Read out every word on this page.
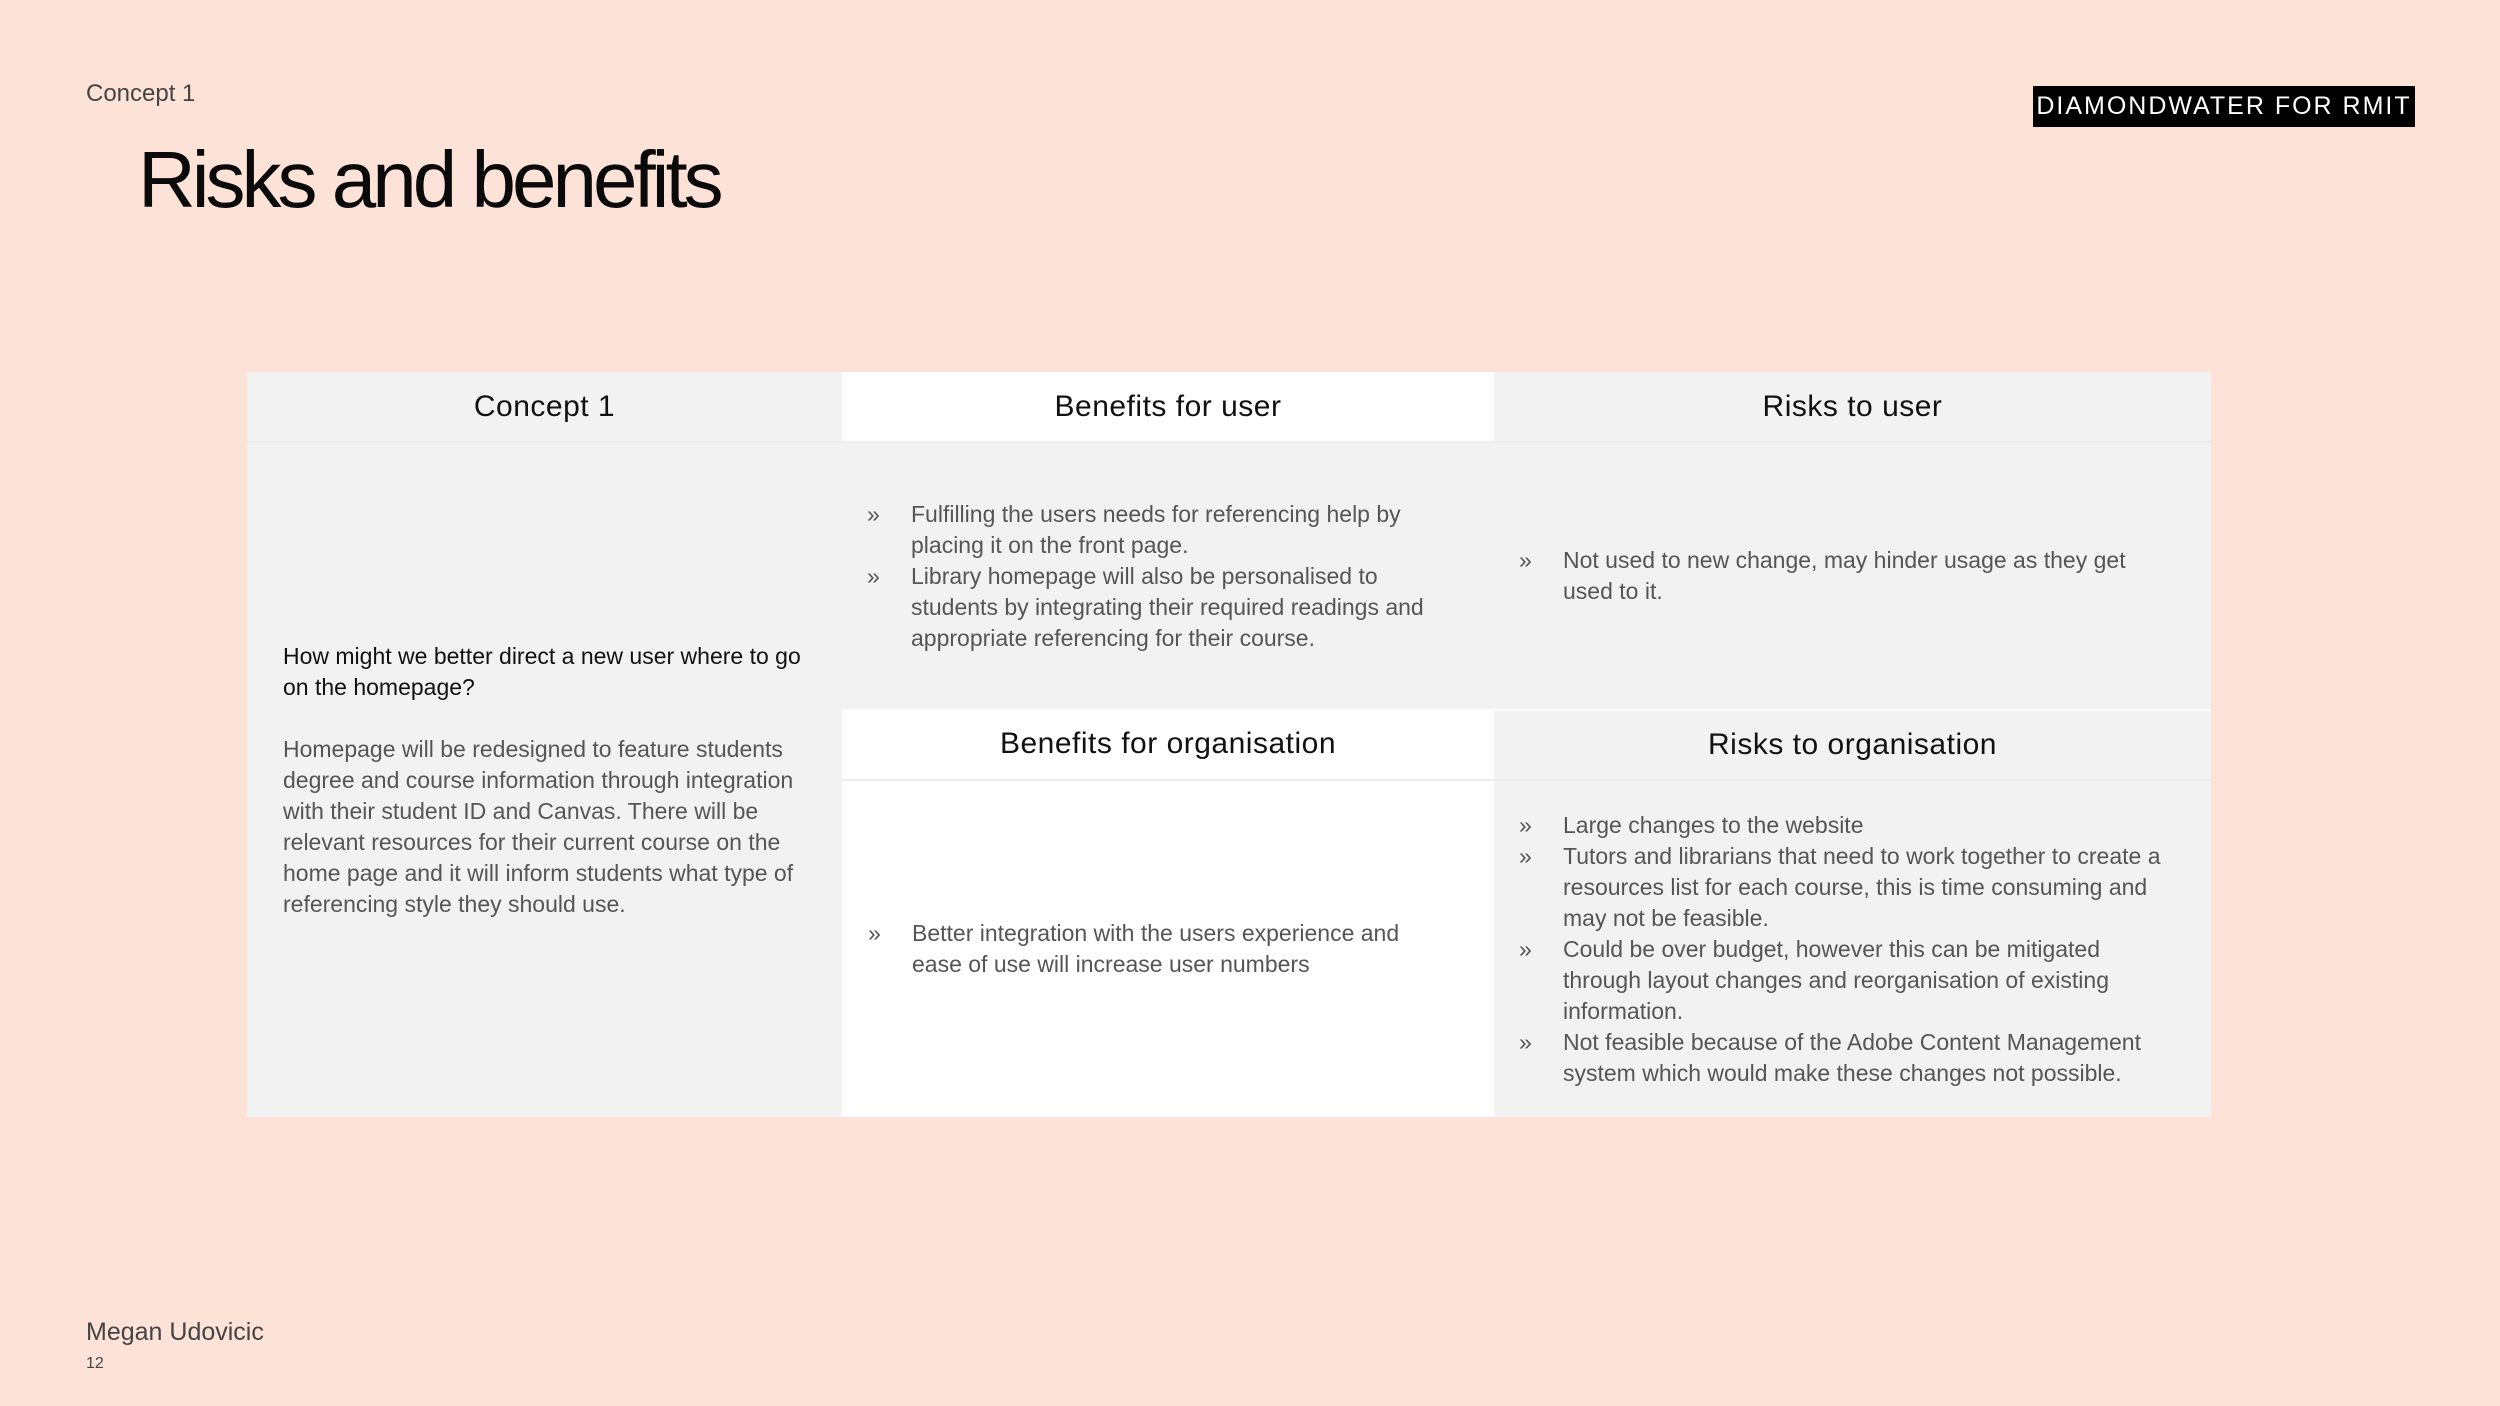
Concept 1	DIAMONDWATER FOR RMIT
Risks and benefits
Concept 1

How might we better direct a new user where to go on the homepage?

Homepage will be redesigned to feature students degree and course information through integration with their student ID and Canvas. There will be relevant resources for their current course on the home page and it will inform students what type of referencing style they should use.

Benefits for user
» Fulfilling the users needs for referencing help by placing it on the front page.
» Library homepage will also be personalised to students by integrating their required readings and appropriate referencing for their course.
Benefits for organisation
» Better integration with the users experience and ease of use will increase user numbers
Risks to user
» Not used to new change, may hinder usage as they get used to it.
Risks to organisation
» Large changes to the website
» Tutors and librarians that need to work together to create a resources list for each course, this is time consuming and may not be feasible.
» Could be over budget, however this can be mitigated through layout changes and reorganisation of existing information.
» Not feasible because of the Adobe Content Management system which would make these changes not possible.
Megan Udovicic
12
